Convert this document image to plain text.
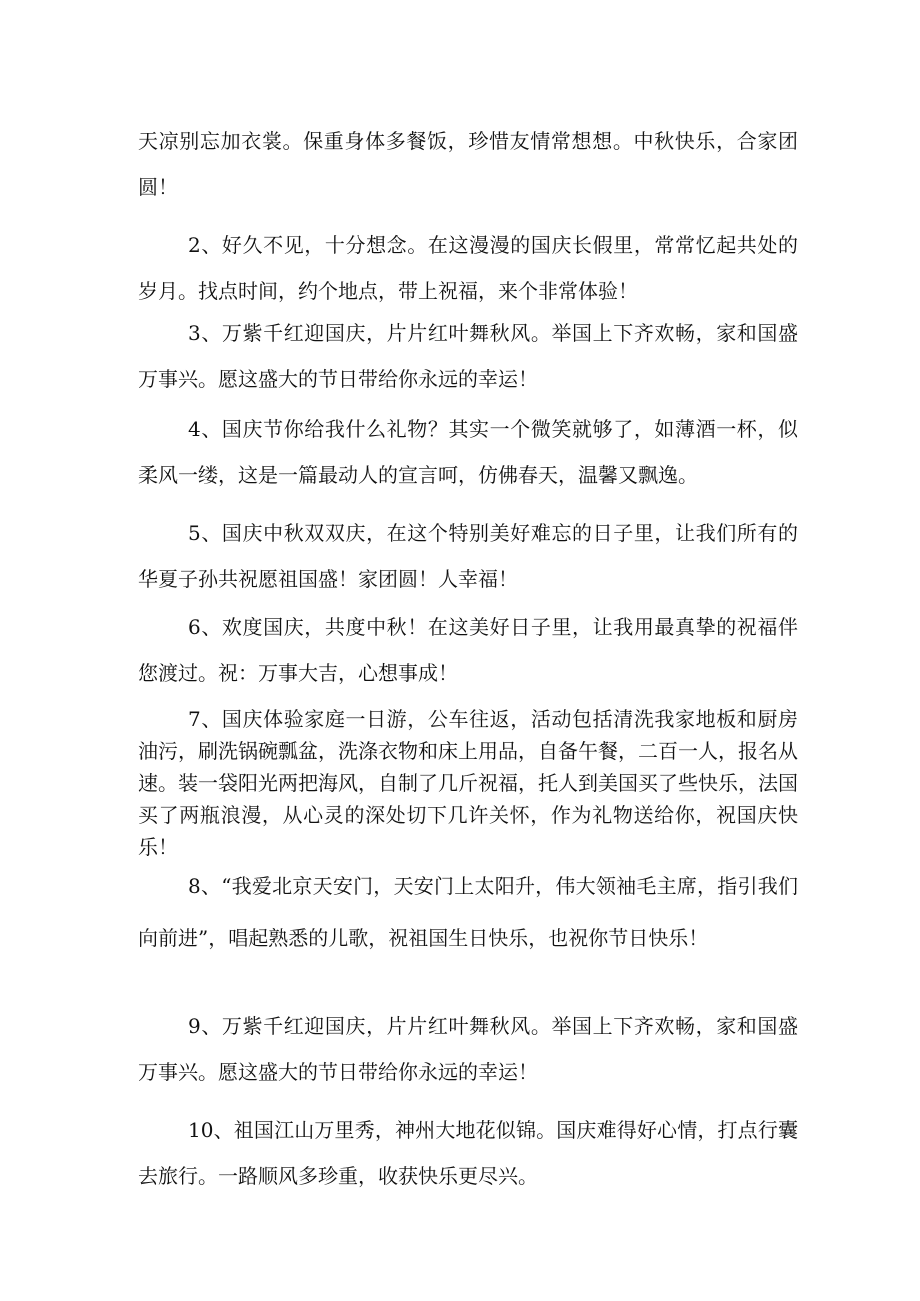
天凉别忘加衣裳。保重身体多餐饭，珍惜友情常想想。中秋快乐，合家团圆！

2、好久不见，十分想念。在这漫漫的国庆长假里，常常忆起共处的岁月。找点时间，约个地点，带上祝福，来个非常体验！

3、万紫千红迎国庆，片片红叶舞秋风。举国上下齐欢畅，家和国盛万事兴。愿这盛大的节日带给你永远的幸运！

4、国庆节你给我什么礼物？其实一个微笑就够了，如薄酒一杯，似柔风一缕，这是一篇最动人的宣言呵，仿佛春天，温馨又飘逸。

5、国庆中秋双双庆，在这个特别美好难忘的日子里，让我们所有的华夏子孙共祝愿祖国盛！家团圆！人幸福！

6、欢度国庆，共度中秋！在这美好日子里，让我用最真挚的祝福伴您渡过。祝：万事大吉，心想事成！

7、国庆体验家庭一日游，公车往返，活动包括清洗我家地板和厨房油污，刷洗锅碗瓢盆，洗涤衣物和床上用品，自备午餐，二百一人，报名从速。装一袋阳光两把海风，自制了几斤祝福，托人到美国买了些快乐，法国买了两瓶浪漫，从心灵的深处切下几许关怀，作为礼物送给你，祝国庆快乐！

8、“我爱北京天安门，天安门上太阳升，伟大领袖毛主席，指引我们向前进”，唱起熟悉的儿歌，祝祖国生日快乐，也祝你节日快乐！

9、万紫千红迎国庆，片片红叶舞秋风。举国上下齐欢畅，家和国盛万事兴。愿这盛大的节日带给你永远的幸运！

10、祖国江山万里秀，神州大地花似锦。国庆难得好心情，打点行囊去旅行。一路顺风多珍重，收获快乐更尽兴。
